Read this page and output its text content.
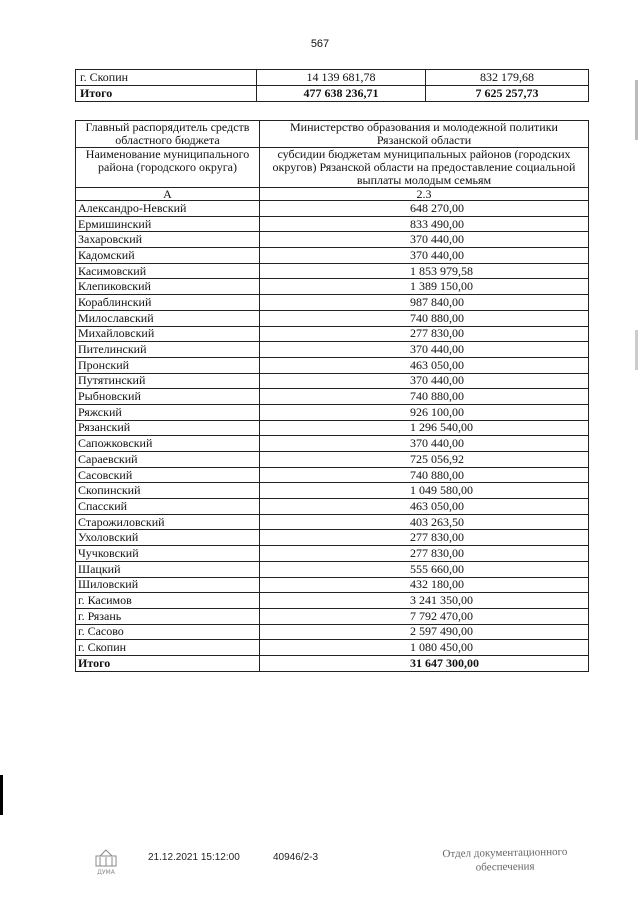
567
г. Скопин	14 139 681,78	832 179,68
Итого	477 638 236,71	7 625 257,73
Главный распорядитель средств областного бюджета	Министерство образования и молодежной политики Рязанской области
Наименование муниципального района (городского округа)	субсидии бюджетам муниципальных районов (городских округов) Рязанской области на предоставление социальной выплаты молодым семьям
А	2.3
Александро-Невский	648 270,00
Ермишинский	833 490,00
Захаровский	370 440,00
Кадомский	370 440,00
Касимовский	1 853 979,58
Клепиковский	1 389 150,00
Кораблинский	987 840,00
Милославский	740 880,00
Михайловский	277 830,00
Пителинский	370 440,00
Пронский	463 050,00
Путятинский	370 440,00
Рыбновский	740 880,00
Ряжский	926 100,00
Рязанский	1 296 540,00
Сапожковский	370 440,00
Сараевский	725 056,92
Сасовский	740 880,00
Скопинский	1 049 580,00
Спасский	463 050,00
Старожиловский	403 263,50
Ухоловский	277 830,00
Чучковский	277 830,00
Шацкий	555 660,00
Шиловский	432 180,00
г. Касимов	3 241 350,00
г. Рязань	7 792 470,00
г. Сасово	2 597 490,00
г. Скопин	1 080 450,00
Итого	31 647 300,00
ДУМА
21.12.2021 15:12:00	40946/2-3	Отдел документационного
обеспечения
